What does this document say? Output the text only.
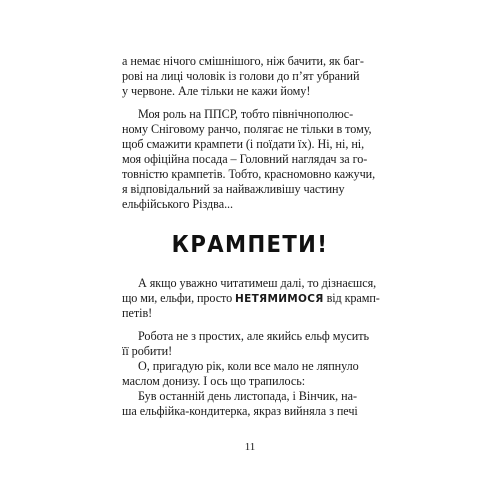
а немає нічого смішнішого, ніж бачити, як баг-
рові на лиці чоловік із голови до п’ят убраний
у червоне. Але тільки не кажи йому!
Моя роль на ППСР, тобто північнополюс-
ному Сніговому ранчо, полягає не тільки в тому,
щоб смажити крампети (і поїдати їх). Ні, ні, ні,
моя офіційна посада – Головний наглядач за го-
товністю крампетів. Тобто, красномовно кажучи,
я відповідальний за найважливішу частину
ельфійського Різдва...
КРАМПЕТИ!
А якщо уважно читатимеш далі, то дізнаєшся,
що ми, ельфи, просто НЕТЯМИМОСЯ від крамп-
петів!
Робота не з простих, але якийсь ельф мусить
її робити!
О, пригадую рік, коли все мало не ляпнуло
маслом донизу. І ось що трапилось:
Був останній день листопада, і Вінчик, на-
ша ельфійка-кондитерка, якраз вийняла з печі
11
